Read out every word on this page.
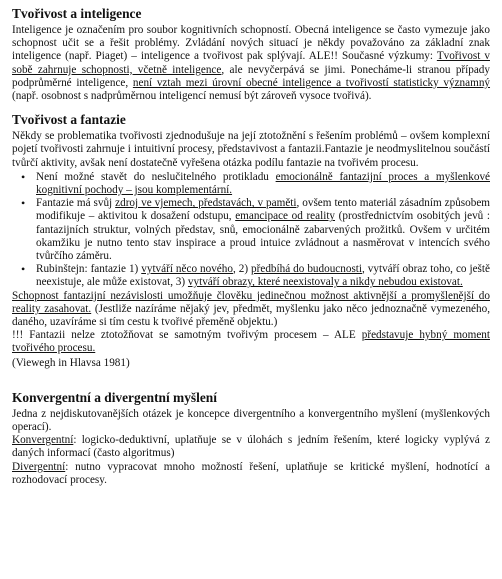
Tvořivost a inteligence

Inteligence je označením pro soubor kognitivních schopností. Obecná inteligence se často vymezuje jako schopnost učit se a řešit problémy. Zvládání nových situací je někdy považováno za základní znak inteligence (např. Piaget) – inteligence a tvořivost pak splývají. ALE!! Současné výzkumy: Tvořivost v sobě zahrnuje schopnosti, včetně inteligence, ale nevyčerpává se jimi. Ponecháme-li stranou případy podprůměrné inteligence, není vztah mezi úrovní obecné inteligence a tvořivostí statisticky významný (např. osobnost s nadprůměrnou inteligencí nemusí být zároveň vysoce tvořivá).

Tvořivost a fantazie

Někdy se problematika tvořivosti zjednodušuje na její ztotožnění s řešením problémů – ovšem komplexní pojetí tvořivosti zahrnuje i intuitivní procesy, představivost a fantazii.Fantazie je neodmyslitelnou součástí tvůrčí aktivity, avšak není dostatečně vyřešena otázka podílu fantazie na tvořivém procesu.

• Není možné stavět do neslučitelného protikladu emocionálně fantazijní proces a myšlenkové kognitivní pochody – jsou komplementární.
• Fantazie má svůj zdroj ve vjemech, představách, v paměti, ovšem tento materiál zásadním způsobem modifikuje – aktivitou k dosažení odstupu, emancipace od reality (prostřednictvím osobitých jevů : fantazijních struktur, volných představ, snů, emocionálně zabarvených prožitků. Ovšem v určitém okamžiku je nutno tento stav inspirace a proud intuice zvládnout a nasměrovat v intencích svého tvůrčího záměru.
• Rubinštejn: fantazie 1) vytváří něco nového, 2) předbíhá do budoucnosti, vytváří obraz toho, co ještě neexistuje, ale může existovat, 3) vytváří obrazy, které neexistovaly a nikdy nebudou existovat.

Schopnost fantazijní nezávislosti umožňuje člověku jedinečnou možnost aktivnější a promyšlenější do reality zasahovat. (Jestliže nazíráme nějaký jev, předmět, myšlenku jako něco jednoznačně vymezeného, daného, uzavíráme si tím cestu k tvořivé přeměně objektu.)

!!! Fantazii nelze ztotožňovat se samotným tvořivým procesem – ALE představuje hybný moment tvořivého procesu.

(Viewegh in Hlavsa 1981)

Konvergentní a divergentní myšlení

Jedna z nejdiskutovanějších otázek je koncepce divergentního a konvergentního myšlení (myšlenkových operací).

Konvergentní: logicko-deduktivní, uplatňuje se v úlohách s jedním řešením, které logicky vyplývá z daných informací (často algoritmus)

Divergentní: nutno vypracovat mnoho možností řešení, uplatňuje se kritické myšlení, hodnotící a rozhodovací procesy.
